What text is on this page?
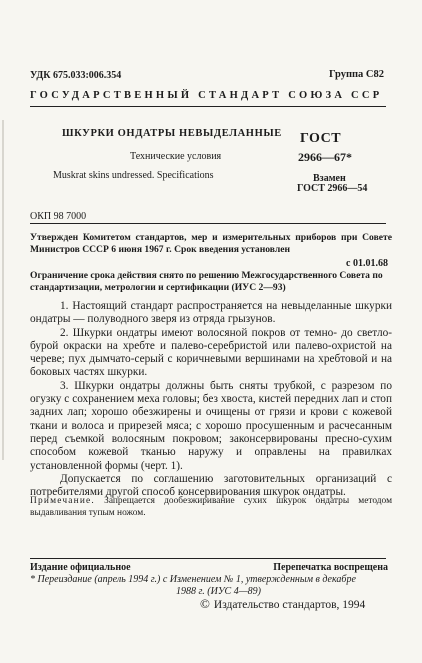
УДК 675.033:006.354	Группа С82
ГОСУДАРСТВЕННЫЙ СТАНДАРТ СОЮЗА ССР
ШКУРКИ ОНДАТРЫ НЕВЫДЕЛАННЫЕ ГОСТ
Технические условия	2966—67*
Muskrat skins undressed. Specifications	Взамен
ГОСТ 2966—54
ОКП 98 7000
Утвержден Комитетом стандартов, мер и измерительных приборов при Совете Министров СССР 6 июня 1967 г. Срок введения установлен
с 01.01.68
Ограничение срока действия снято по решению Межгосударственного Совета по стандартизации, метрологии и сертификации (ИУС 2—93)

1. Настоящий стандарт распространяется на невыделанные шкурки ондатры — полуводного зверя из отряда грызунов.

2. Шкурки ондатры имеют волосяной покров от темно- до светло-бурой окраски на хребте и палево-серебристой или палево-охристой на череве; пух дымчато-серый с коричневыми вершинами на хребтовой и на боковых частях шкурки.

3. Шкурки ондатры должны быть сняты трубкой, с разрезом по огузку с сохранением меха головы; без хвоста, кистей передних лап и стоп задних лап; хорошо обезжирены и очищены от грязи и крови с кожевой ткани и волоса и прирезей мяса; с хорошо просушенным и расчесанным перед съемкой волосяным покровом; законсервированы пресно-сухим способом кожевой тканью наружу и оправлены на правилках установленной формы (черт. 1).

Допускается по соглашению заготовительных организаций с потребителями другой способ консервирования шкурок ондатры.

Примечание. Запрещается дообезжиривание сухих шкурок ондатры методом выдавливания тупым ножом.
Издание официальное	Перепечатка воспрещена
* Переиздание (апрель 1994 г.) с Изменением № 1, утвержденным в декабре
1988 г. (ИУС 4—89)
© Издательство стандартов, 1994
